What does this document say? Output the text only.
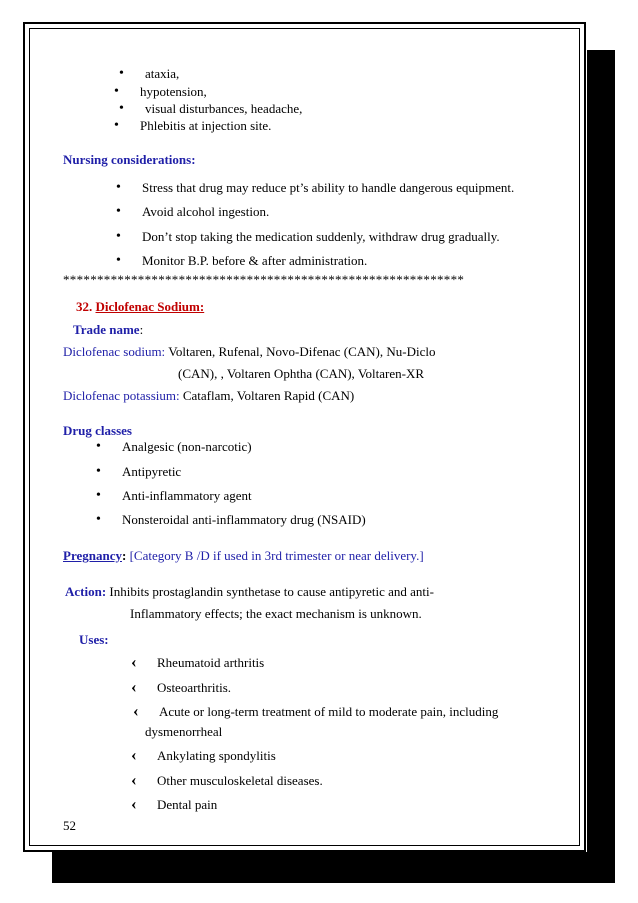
• ataxia,
• hypotension,
• visual disturbances, headache,
• Phlebitis at injection site.
Nursing considerations:
• Stress that drug may reduce pt’s ability to handle dangerous equipment.
• Avoid alcohol ingestion.
• Don’t stop taking the medication suddenly, withdraw drug gradually.
• Monitor B.P. before & after administration.
***********************************************************
32. Diclofenac Sodium:
Trade name:
Diclofenac sodium: Voltaren, Rufenal, Novo-Difenac (CAN), Nu-Diclo
(CAN), , Voltaren Ophtha (CAN), Voltaren-XR
Diclofenac potassium: Cataflam, Voltaren Rapid (CAN)
Drug classes
• Analgesic (non-narcotic)
• Antipyretic
• Anti-inflammatory agent
• Nonsteroidal anti-inflammatory drug (NSAID)
Pregnancy: [Category B /D if used in 3rd trimester or near delivery.]
Action: Inhibits prostaglandin synthetase to cause antipyretic and anti-
Inflammatory effects; the exact mechanism is unknown.
Uses:
‹ Rheumatoid arthritis
‹ Osteoarthritis.
‹ Acute or long-term treatment of mild to moderate pain, including
dysmenorrheal
‹ Ankylating spondylitis
‹ Other musculoskeletal diseases.
‹ Dental pain
52
